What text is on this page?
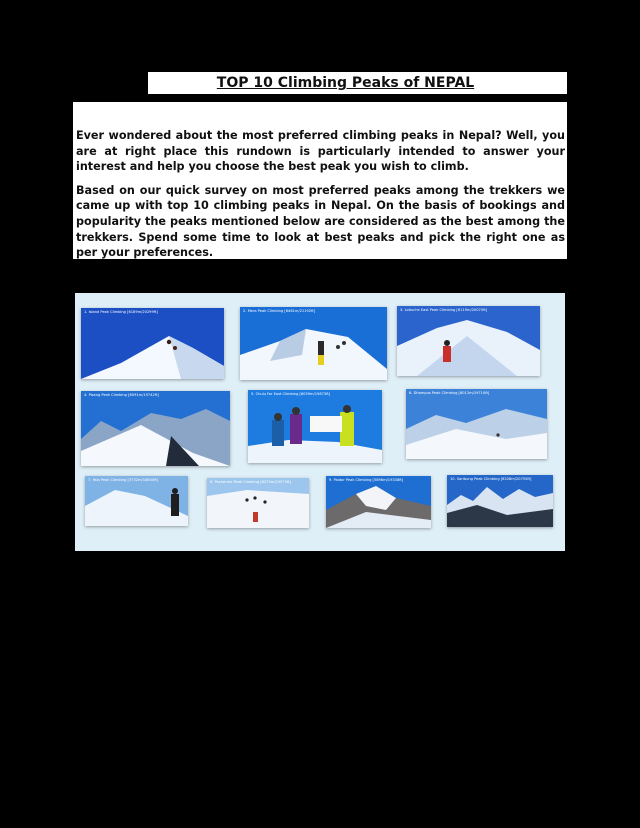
TOP 10 Climbing Peaks of NEPAL

Ever wondered about the most preferred climbing peaks in Nepal? Well, you are at right place this rundown is particularly intended to answer your interest and help you choose the best peak you wish to climb.

Based on our quick survey on most preferred peaks among the trekkers we came up with top 10 climbing peaks in Nepal. On the basis of bookings and popularity the peaks mentioned below are considered as the best among the trekkers. Spend some time to look at best peaks and pick the right one as per your preferences.

1. Island Peak Climbing [6189m/20299ft]	2. Mera Peak Climbing [6461m/21192ft]	3. Lobuche East Peak Climbing [6119m/20070ft]
4. Pisang Peak Climbing [6091m/19742ft]	5. Chulu Far East Climbing [6059m/19873ft]	6. Dhampus Peak Climbing [6012m/19710ft]
7. Yala Peak Climbing [5732m/18800ft]	8. Pachermo Peak Climbing [6273m/20575ft]	9. Paldor Peak Climbing [5896m/19338ft]	10. Saribung Peak Climbing [6328m/20755ft]
